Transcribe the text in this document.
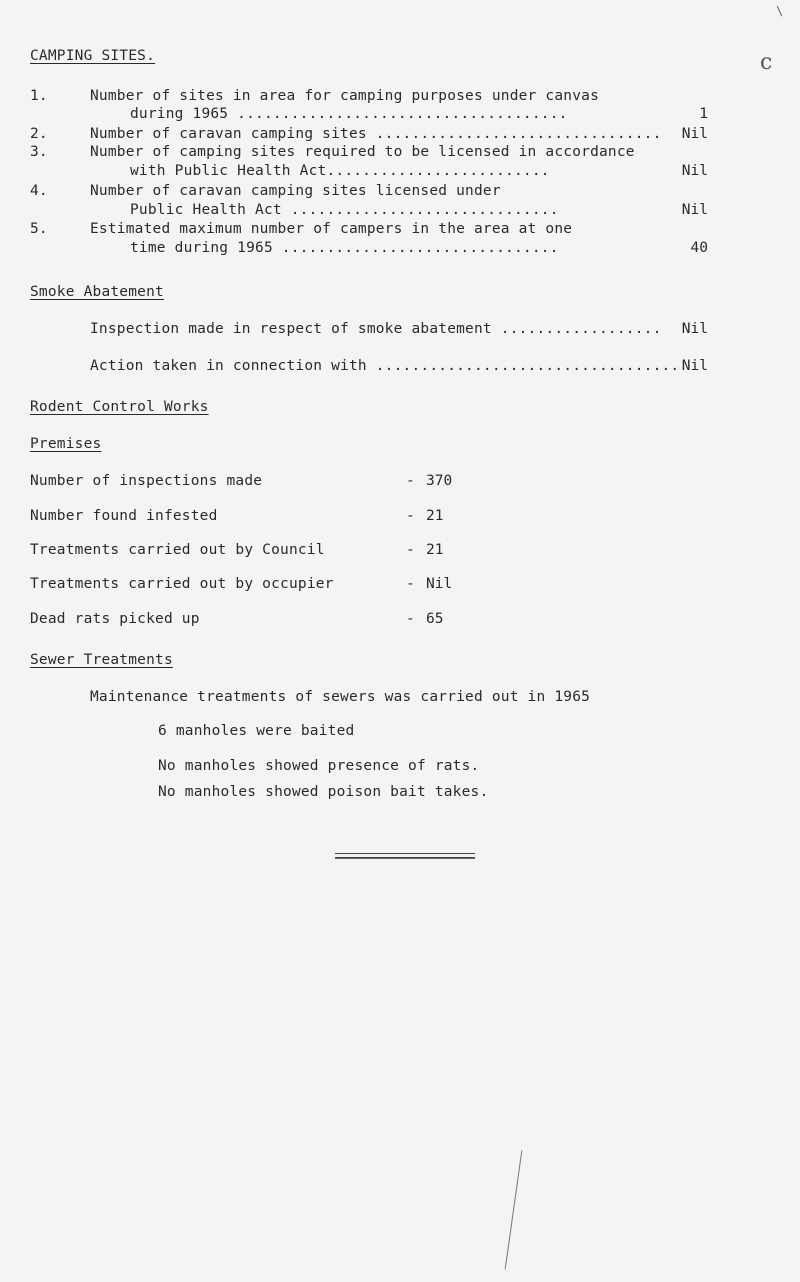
\
c
CAMPING SITES.
1.	Number of sites in area for camping purposes under canvas
during 1965 .....................................	1
2.	Number of caravan camping sites ................................	Nil
3.	Number of camping sites required to be licensed in accordance
with Public Health Act.........................	Nil
4.	Number of caravan camping sites licensed under
Public Health Act ..............................	Nil
5.	Estimated maximum number of campers in the area at one
time during 1965 ...............................	40
Smoke Abatement
Inspection made in respect of smoke abatement ..................	Nil
Action taken in connection with .................................. Nil
Rodent Control Works
Premises
Number of inspections made	- 370
Number found infested	- 21
Treatments carried out by Council	- 21
Treatments carried out by occupier	- Nil
Dead rats picked up	- 65
Sewer Treatments
Maintenance treatments of sewers was carried out in 1965
6 manholes were baited
No manholes showed presence of rats.
No manholes showed poison bait takes.
